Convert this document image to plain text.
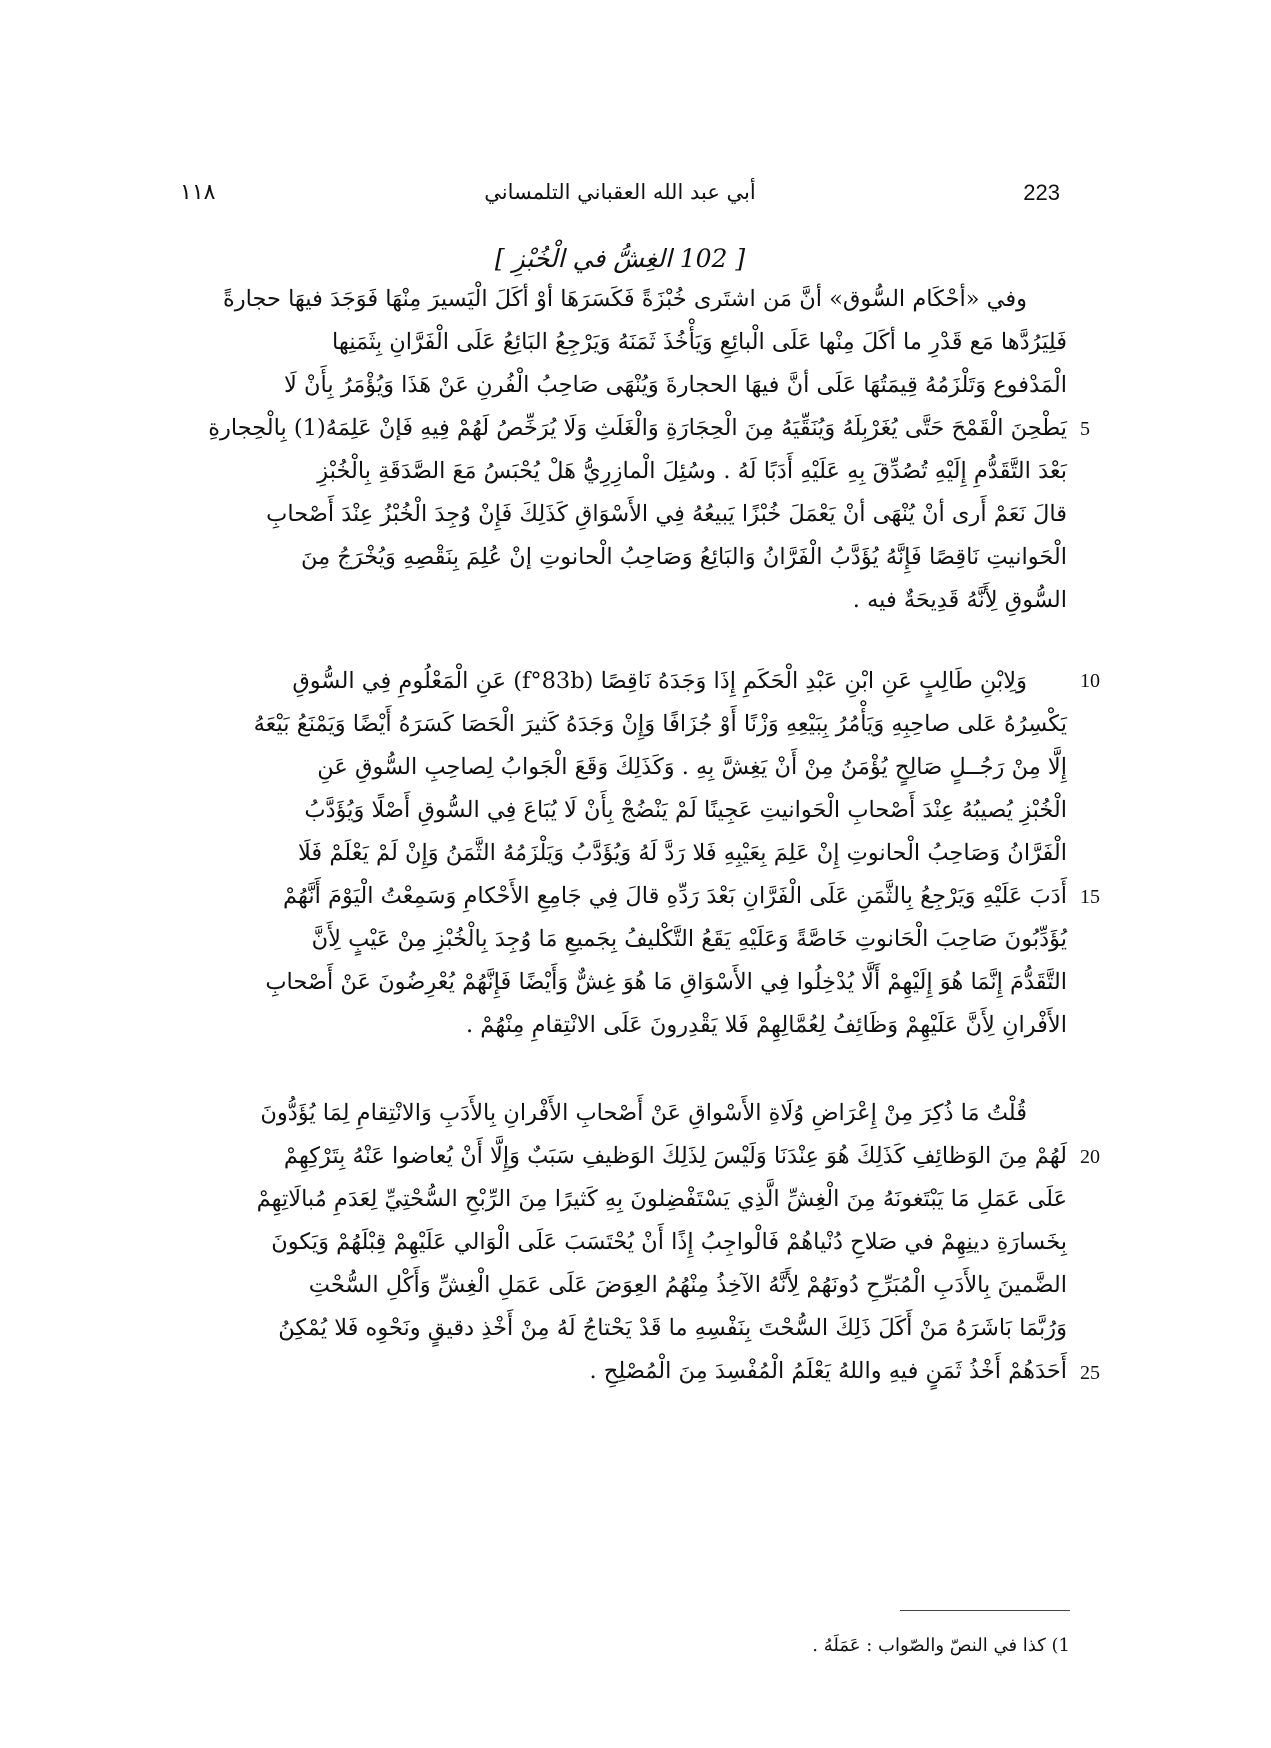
١١٨	أبي عبد الله العقباني التلمساني	223
[ 102 الغِشُّ في الْخُبْزِ ]
وفي «أحْكَام السُّوق» أنَّ مَن اشتَرى خُبْزَةً فَكَسَرَهَا أوْ أكَلَ الْيَسيرَ مِنْهَا فَوَجَدَ فيهَا حجارةً
فَلِيَرُدَّها مَع قَدْرِ ما أكَلَ مِنْها عَلَى الْبائِعِ وَيَأْخُذَ ثَمَنَهُ وَيَرْجِعُ البَائِعُ عَلَى الْفَرَّانِ بِثَمَنِها
الْمَدْفوع وَتَلْزَمُهُ قِيمَتُهَا عَلَى أنَّ فيهَا الحجارةَ وَيُنْهَى صَاحِبُ الْفُرنِ عَنْ هَذَا وَيُؤْمَرُ بِأَنْ لَا
يَطْحِنَ الْقَمْحَ حَتَّى يُغَرْبِلَهُ وَيُنَقِّيَهُ مِنَ الْحِجَارَةِ وَالْغَلَثِ وَلَا يُرَخِّصُ لَهُمْ فِيهِ فَإنْ عَلِمَهُ(1) بِالْحِجارةِ
بَعْدَ التَّقَدُّمِ إِلَيْهِ تُصُدِّقَ بِهِ عَلَيْهِ أَدَبًا لَهُ . وسُئِلَ الْمازِرِيُّ هَلْ يُحْبَسُ مَعَ الصَّدَقَةِ بِالْخُبْزِ
قالَ نَعَمْ أَرى أنْ يُنْهَى أنْ يَعْمَلَ خُبْزًا يَبيعُهُ فِي الأَسْوَاقِ كَذَلِكَ فَإِنْ وُجِدَ الْخُبْزُ عِنْدَ أَصْحابِ
الْحَوانيتِ نَاقِصًا فَإِنَّهُ يُؤَدَّبُ الْفَرَّانُ وَالبَائِعُ وَصَاحِبُ الْحانوتِ إنْ عُلِمَ بِنَقْصِهِ وَيُخْرَجُ مِنَ
السُّوقِ لِأَنَّهُ قَدِيحَةٌ فيه .
وَلِابْنِ طَالِبٍ عَنِ ابْنِ عَبْدِ الْحَكَمِ إِذَا وَجَدَهُ نَاقِصًا (f°83b) عَنِ الْمَعْلُومِ فِي السُّوقِ
يَكْسِرُهُ عَلى صاحِبِهِ وَيَأْمُرُ بِبَيْعِهِ وَزْنًا أَوْ جُزَافًا وَإِنْ وَجَدَهُ كَثيرَ الْحَصَا كَسَرَهُ أَيْضًا وَيَمْنَعُ بَيْعَهُ
إِلَّا مِنْ رَجُــلٍ صَالِحٍ يُؤْمَنُ مِنْ أَنْ يَغِشَّ بِهِ . وَكَذَلِكَ وَقَعَ الْجَوابُ لِصاحِبِ السُّوقِ عَنِ
الْخُبْزِ يُصيبُهُ عِنْدَ أَصْحابِ الْحَوانيتِ عَجِينًا لَمْ يَنْضُجْ بِأَنْ لَا يُبَاعَ فِي السُّوقِ أَصْلًا وَيُؤَدَّبُ
الْفَرَّانُ وَصَاحِبُ الْحانوتِ إِنْ عَلِمَ بِعَيْبِهِ فَلا رَدَّ لَهُ وَيُؤَدَّبُ وَيَلْزَمُهُ الثَّمَنُ وَإِنْ لَمْ يَعْلَمْ فَلَا
أَدَبَ عَلَيْهِ وَيَرْجِعُ بِالثَّمَنِ عَلَى الْفَرَّانِ بَعْدَ رَدِّهِ قالَ فِي جَامِعِ الأَحْكامِ وَسَمِعْتُ الْيَوْمَ أَنَّهُمْ
يُؤَدِّبُونَ صَاحِبَ الْحَانوتِ خَاصَّةً وَعَلَيْهِ يَقَعُ التَّكْليفُ بِجَميعِ مَا وُجِدَ بِالْخُبْزِ مِنْ عَيْبٍ لِأَنَّ
التَّقَدُّمَ إِنَّمَا هُوَ إِلَيْهِمْ أَلَّا يُدْخِلُوا فِي الأَسْوَاقِ مَا هُوَ غِشٌّ وَأَيْضًا فَإِنَّهُمْ يُعْرِضُونَ عَنْ أَصْحابِ
الأَفْرانِ لِأَنَّ عَلَيْهِمْ وَظَائِفُ لِعُمَّالِهِمْ فَلا يَقْدِرونَ عَلَى الانْتِقامِ مِنْهُمْ .
قُلْتُ مَا ذُكِرَ مِنْ إِعْرَاضِ وُلَاةِ الأَسْواقِ عَنْ أَصْحابِ الأَفْرانِ بِالأَدَبِ وَالانْتِقامِ لِمَا يُؤَدُّونَ
لَهُمْ مِنَ الوَظائِفِ كَذَلِكَ هُوَ عِنْدَنَا وَلَيْسَ لِذَلِكَ الوَظيفِ سَبَبٌ وَإِلَّا أَنْ يُعاضوا عَنْهُ بِتَرْكِهِمْ
عَلَى عَمَلِ مَا يَبْتَغونَهُ مِنَ الْغِشِّ الَّذِي يَسْتَفْضِلونَ بِهِ كَثيرًا مِنَ الرِّبْحِ السُّحْتِيِّ لِعَدَمِ مُبالَاتِهِمْ
بِخَسارَةِ دينِهِمْ في صَلاحِ دُنْياهُمْ فَالْواجِبُ إِذًا أَنْ يُحْتَسَبَ عَلَى الْوَالي عَلَيْهِمْ قِبْلَهُمْ وَيَكونَ
الضَّمينَ بِالأَدَبِ الْمُبَرِّحِ دُونَهُمْ لِأَنَّهُ الآخِذُ مِنْهُمُ العِوَضَ عَلَى عَمَلِ الْغِشِّ وَأَكْلِ السُّحْتِ
وَرُبَّمَا بَاشَرَهُ مَنْ أَكَلَ ذَلِكَ السُّحْتَ بِنَفْسِهِ ما قَدْ يَحْتاجُ لَهُ مِنْ أَخْذِ دقيقٍ ونَحْوِه فَلا يُمْكِنُ
أَحَدَهُمْ أَخْذُ ثَمَنٍ فيهِ واللهُ يَعْلَمُ الْمُفْسِدَ مِنَ الْمُصْلِحِ .
5
10
15
20
25
1) كذا في النصّ والصّواب : عَمَلَهُ .
